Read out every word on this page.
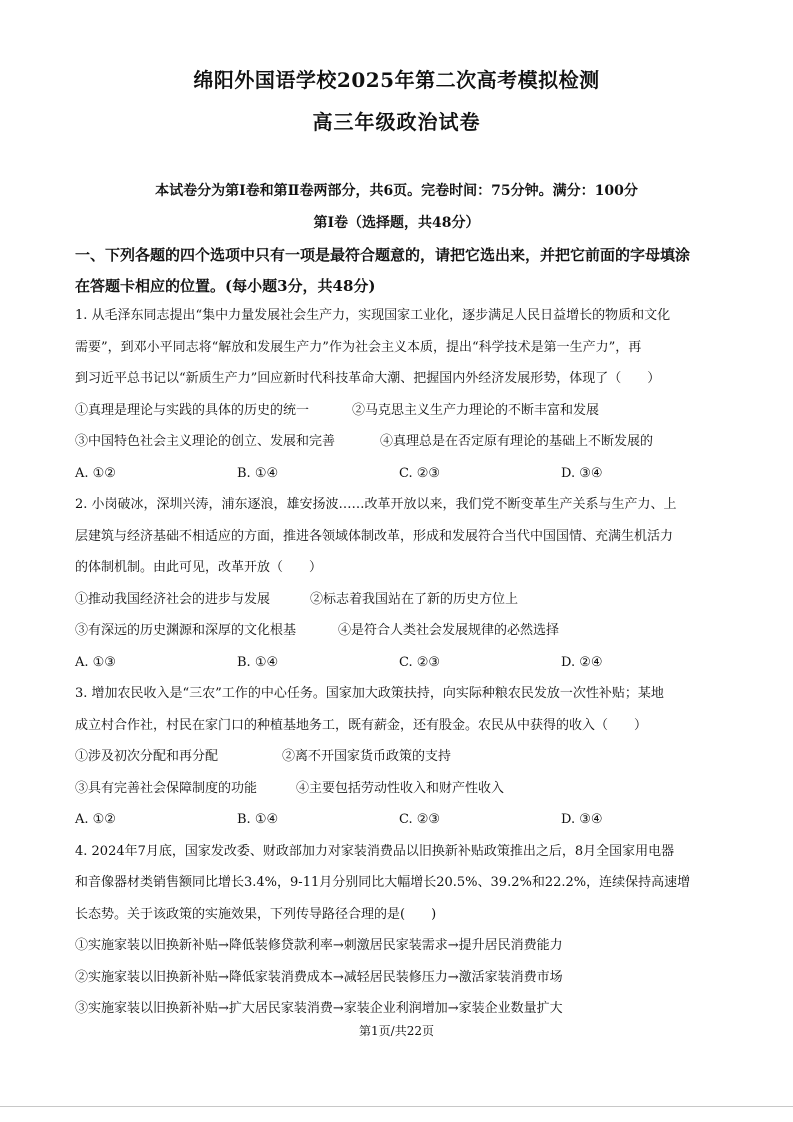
绵阳外国语学校2025年第二次高考模拟检测
高三年级政治试卷
本试卷分为第Ⅰ卷和第Ⅱ卷两部分，共6页。完卷时间：75分钟。满分：100分
第Ⅰ卷（选择题，共48分）
一、下列各题的四个选项中只有一项是最符合题意的，请把它选出来，并把它前面的字母填涂
在答题卡相应的位置。(每小题3分，共48分)
1. 从毛泽东同志提出“集中力量发展社会生产力，实现国家工业化，逐步满足人民日益增长的物质和文化
需要”，到邓小平同志将“解放和发展生产力”作为社会主义本质，提出“科学技术是第一生产力”，再
到习近平总书记以“新质生产力”回应新时代科技革命大潮、把握国内外经济发展形势，体现了（　　）
①真理是理论与实践的具体的历史的统一	②马克思主义生产力理论的不断丰富和发展
③中国特色社会主义理论的创立、发展和完善	④真理总是在否定原有理论的基础上不断发展的
A. ①②	B. ①④	C. ②③	D. ③④
2. 小岗破冰，深圳兴涛，浦东逐浪，雄安扬波……改革开放以来，我们党不断变革生产关系与生产力、上
层建筑与经济基础不相适应的方面，推进各领域体制改革，形成和发展符合当代中国国情、充满生机活力
的体制机制。由此可见，改革开放（　　）
①推动我国经济社会的进步与发展	②标志着我国站在了新的历史方位上
③有深远的历史渊源和深厚的文化根基	④是符合人类社会发展规律的必然选择
A. ①③	B. ①④	C. ②③	D. ②④
3. 增加农民收入是“三农”工作的中心任务。国家加大政策扶持，向实际种粮农民发放一次性补贴；某地
成立村合作社，村民在家门口的种植基地务工，既有薪金，还有股金。农民从中获得的收入（　　）
①涉及初次分配和再分配	②离不开国家货币政策的支持
③具有完善社会保障制度的功能	④主要包括劳动性收入和财产性收入
A. ①②	B. ①④	C. ②③	D. ③④
4. 2024年7月底，国家发改委、财政部加力对家装消费品以旧换新补贴政策推出之后，8月全国家用电器
和音像器材类销售额同比增长3.4%，9-11月分别同比大幅增长20.5%、39.2%和22.2%，连续保持高速增
长态势。关于该政策的实施效果，下列传导路径合理的是(　　)
①实施家装以旧换新补贴→降低装修贷款利率→刺激居民家装需求→提升居民消费能力
②实施家装以旧换新补贴→降低家装消费成本→减轻居民装修压力→激活家装消费市场
③实施家装以旧换新补贴→扩大居民家装消费→家装企业利润增加→家装企业数量扩大
第1页/共22页
